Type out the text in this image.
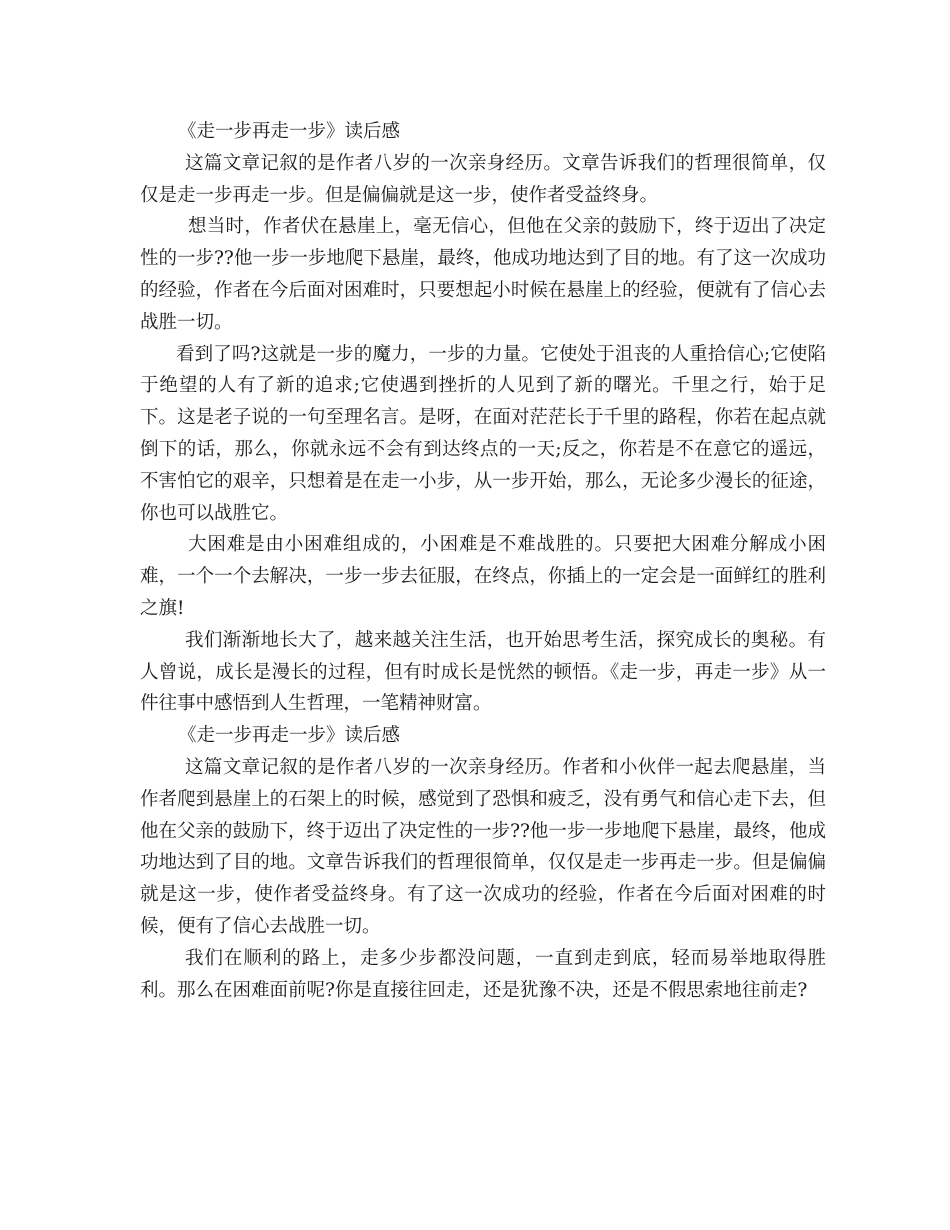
《走一步再走一步》读后感

这篇文章记叙的是作者八岁的一次亲身经历。文章告诉我们的哲理很简单，仅仅是走一步再走一步。但是偏偏就是这一步，使作者受益终身。

想当时，作者伏在悬崖上，毫无信心，但他在父亲的鼓励下，终于迈出了决定性的一步??他一步一步地爬下悬崖，最终，他成功地达到了目的地。有了这一次成功的经验，作者在今后面对困难时，只要想起小时候在悬崖上的经验，便就有了信心去战胜一切。

看到了吗?这就是一步的魔力，一步的力量。它使处于沮丧的人重拾信心;它使陷于绝望的人有了新的追求;它使遇到挫折的人见到了新的曙光。千里之行，始于足下。这是老子说的一句至理名言。是呀，在面对茫茫长于千里的路程，你若在起点就倒下的话，那么，你就永远不会有到达终点的一天;反之，你若是不在意它的遥远，不害怕它的艰辛，只想着是在走一小步，从一步开始，那么，无论多少漫长的征途，你也可以战胜它。

大困难是由小困难组成的，小困难是不难战胜的。只要把大困难分解成小困难，一个一个去解决，一步一步去征服，在终点，你插上的一定会是一面鲜红的胜利之旗!

我们渐渐地长大了，越来越关注生活，也开始思考生活，探究成长的奥秘。有人曾说，成长是漫长的过程，但有时成长是恍然的顿悟。《走一步，再走一步》从一件往事中感悟到人生哲理，一笔精神财富。

《走一步再走一步》读后感

这篇文章记叙的是作者八岁的一次亲身经历。作者和小伙伴一起去爬悬崖，当作者爬到悬崖上的石架上的时候，感觉到了恐惧和疲乏，没有勇气和信心走下去，但他在父亲的鼓励下，终于迈出了决定性的一步??他一步一步地爬下悬崖，最终，他成功地达到了目的地。文章告诉我们的哲理很简单，仅仅是走一步再走一步。但是偏偏就是这一步，使作者受益终身。有了这一次成功的经验，作者在今后面对困难的时候，便有了信心去战胜一切。

我们在顺利的路上，走多少步都没问题，一直到走到底，轻而易举地取得胜利。那么在困难面前呢?你是直接往回走，还是犹豫不决，还是不假思索地往前走?
